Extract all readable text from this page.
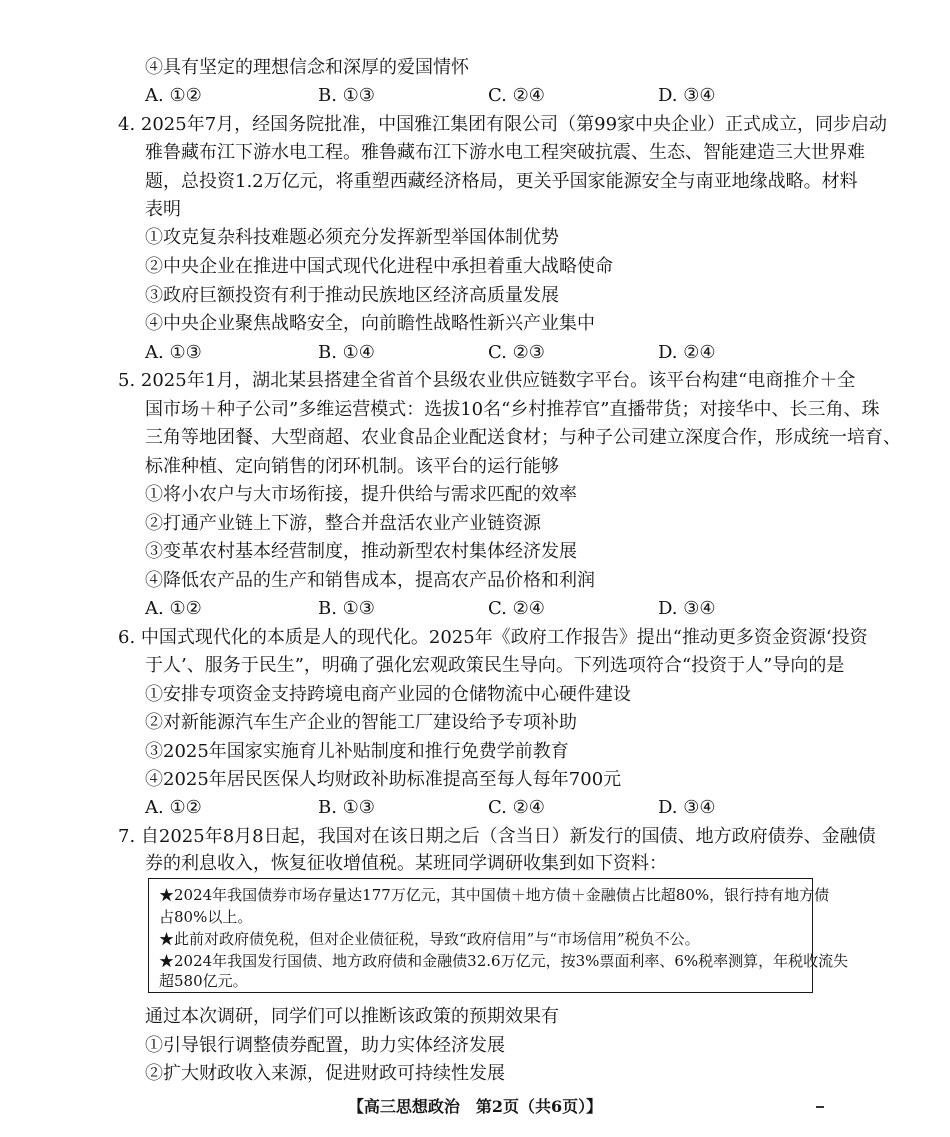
④具有坚定的理想信念和深厚的爱国情怀
A. ①②	B. ①③	C. ②④	D. ③④
4. 2025年7月，经国务院批准，中国雅江集团有限公司（第99家中央企业）正式成立，同步启动
雅鲁藏布江下游水电工程。雅鲁藏布江下游水电工程突破抗震、生态、智能建造三大世界难
题，总投资1.2万亿元，将重塑西藏经济格局，更关乎国家能源安全与南亚地缘战略。材料
表明
①攻克复杂科技难题必须充分发挥新型举国体制优势
②中央企业在推进中国式现代化进程中承担着重大战略使命
③政府巨额投资有利于推动民族地区经济高质量发展
④中央企业聚焦战略安全，向前瞻性战略性新兴产业集中
A. ①③	B. ①④	C. ②③	D. ②④
5. 2025年1月，湖北某县搭建全省首个县级农业供应链数字平台。该平台构建“电商推介＋全
国市场＋种子公司”多维运营模式：选拔10名“乡村推荐官”直播带货；对接华中、长三角、珠
三角等地团餐、大型商超、农业食品企业配送食材；与种子公司建立深度合作，形成统一培育、
标准种植、定向销售的闭环机制。该平台的运行能够
①将小农户与大市场衔接，提升供给与需求匹配的效率
②打通产业链上下游，整合并盘活农业产业链资源
③变革农村基本经营制度，推动新型农村集体经济发展
④降低农产品的生产和销售成本，提高农产品价格和利润
A. ①②	B. ①③	C. ②④	D. ③④
6. 中国式现代化的本质是人的现代化。2025年《政府工作报告》提出“推动更多资金资源‘投资
于人’、服务于民生”，明确了强化宏观政策民生导向。下列选项符合“投资于人”导向的是
①安排专项资金支持跨境电商产业园的仓储物流中心硬件建设
②对新能源汽车生产企业的智能工厂建设给予专项补助
③2025年国家实施育儿补贴制度和推行免费学前教育
④2025年居民医保人均财政补助标准提高至每人每年700元
A. ①②	B. ①③	C. ②④	D. ③④
7. 自2025年8月8日起，我国对在该日期之后（含当日）新发行的国债、地方政府债券、金融债
券的利息收入，恢复征收增值税。某班同学调研收集到如下资料：
★2024年我国债券市场存量达177万亿元，其中国债＋地方债＋金融债占比超80%，银行持有地方债
占80%以上。
★此前对政府债免税，但对企业债征税，导致“政府信用”与“市场信用”税负不公。
★2024年我国发行国债、地方政府债和金融债32.6万亿元，按3%票面利率、6%税率测算，年税收流失
超580亿元。
通过本次调研，同学们可以推断该政策的预期效果有
①引导银行调整债券配置，助力实体经济发展
②扩大财政收入来源，促进财政可持续性发展
【高三思想政治　第2页（共6页）】
